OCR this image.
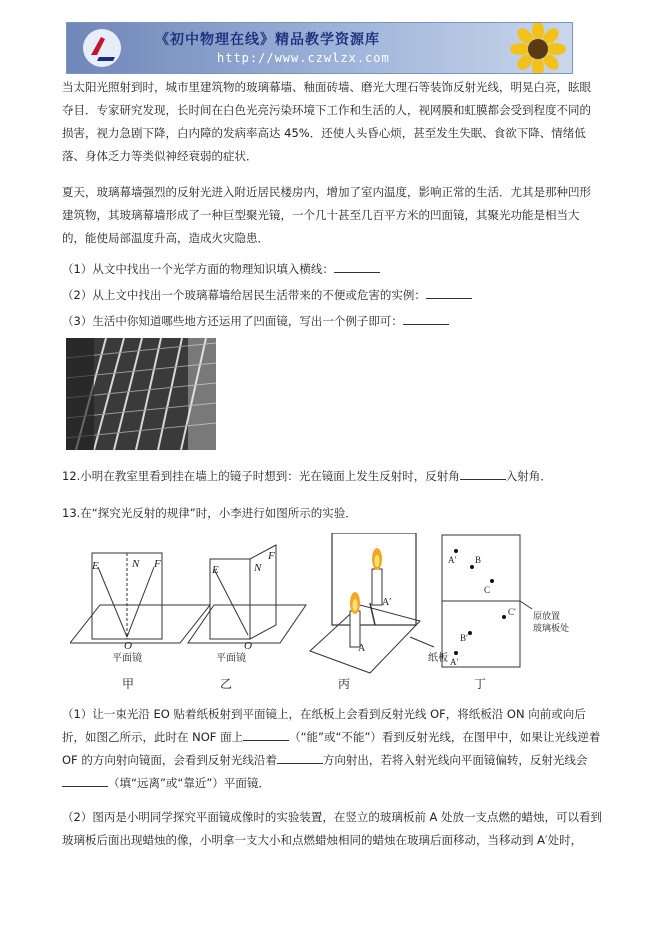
《初中物理在线》精品教学资源库
http://www.czwlzx.com

当太阳光照射到时，城市里建筑物的玻璃幕墙、釉面砖墙、磨光大理石等装饰反射光线，明晃白亮，眩眼夺目．专家研究发现，长时间在白色光亮污染环境下工作和生活的人，视网膜和虹膜都会受到程度不同的损害，视力急剧下降，白内障的发病率高达 45%．还使人头昏心烦，甚至发生失眠、食欲下降、情绪低落、身体乏力等类似神经衰弱的症状．

夏天，玻璃幕墙强烈的反射光进入附近居民楼房内，增加了室内温度，影响正常的生活．尤其是那种凹形建筑物，其玻璃幕墙形成了一种巨型聚光镜，一个几十甚至几百平方米的凹面镜，其聚光功能是相当大的，能使局部温度升高，造成火灾隐患．

（1）从文中找出一个光学方面的物理知识填入横线：

（2）从上文中找出一个玻璃幕墙给居民生活带来的不便或危害的实例：

（3）生活中你知道哪些地方还运用了凹面镜，写出一个例子即可：

12.小明在教室里看到挂在墙上的镜子时想到：光在镜面上发生反射时，反射角	入射角．

13.在“探究光反射的规律”时，小李进行如图所示的实验．

E	N F
O
平面镜
甲
E	N
F
O
平面镜
乙
A′
A
纸板
丙
A′ B
C
A′
B′
C′ 原放置
玻璃板处
丁

（1）让一束光沿 EO 贴着纸板射到平面镜上，在纸板上会看到反射光线 OF，将纸板沿 ON 向前或向后折，如图乙所示，此时在 NOF 面上	（“能”或“不能”）看到反射光线，在图甲中，如果让光线逆着 OF 的方向射向镜面，会看到反射光线沿着	方向射出，若将入射光线向平面镜偏转，反射光线会（填“远离”或“靠近”）平面镜．

（2）图丙是小明同学探究平面镜成像时的实验装置，在竖立的玻璃板前 A 处放一支点燃的蜡烛，可以看到玻璃板后面出现蜡烛的像，小明拿一支大小和点燃蜡烛相同的蜡烛在玻璃后面移动，当移动到 A′处时，
